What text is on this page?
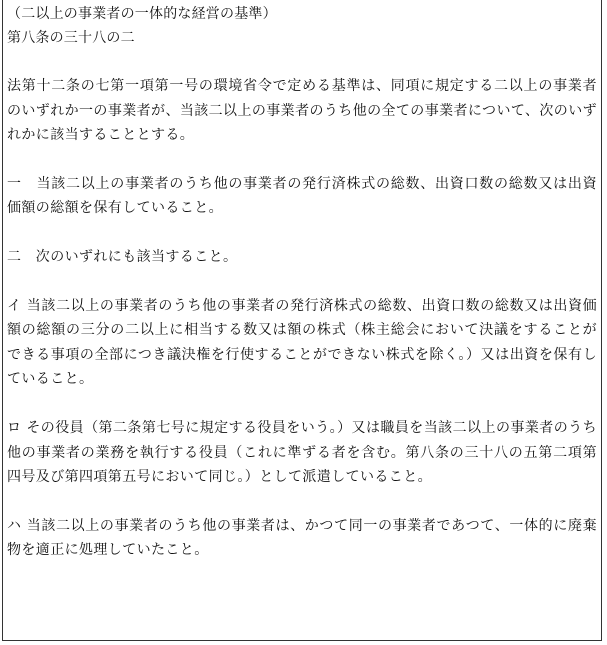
（二以上の事業者の一体的な経営の基準）

第八条の三十八の二

法第十二条の七第一項第一号の環境省令で定める基準は、同項に規定する二以上の事業者のいずれか一の事業者が、当該二以上の事業者のうち他の全ての事業者について、次のいずれかに該当することとする。

一　当該二以上の事業者のうち他の事業者の発行済株式の総数、出資口数の総数又は出資価額の総額を保有していること。

二　次のいずれにも該当すること。

イ 当該二以上の事業者のうち他の事業者の発行済株式の総数、出資口数の総数又は出資価額の総額の三分の二以上に相当する数又は額の株式（株主総会において決議をすることができる事項の全部につき議決権を行使することができない株式を除く。）又は出資を保有していること。

ロ その役員（第二条第七号に規定する役員をいう。）又は職員を当該二以上の事業者のうち他の事業者の業務を執行する役員（これに準ずる者を含む。第八条の三十八の五第二項第四号及び第四項第五号において同じ。）として派遣していること。

ハ 当該二以上の事業者のうち他の事業者は、かつて同一の事業者であつて、一体的に廃棄物を適正に処理していたこと。
